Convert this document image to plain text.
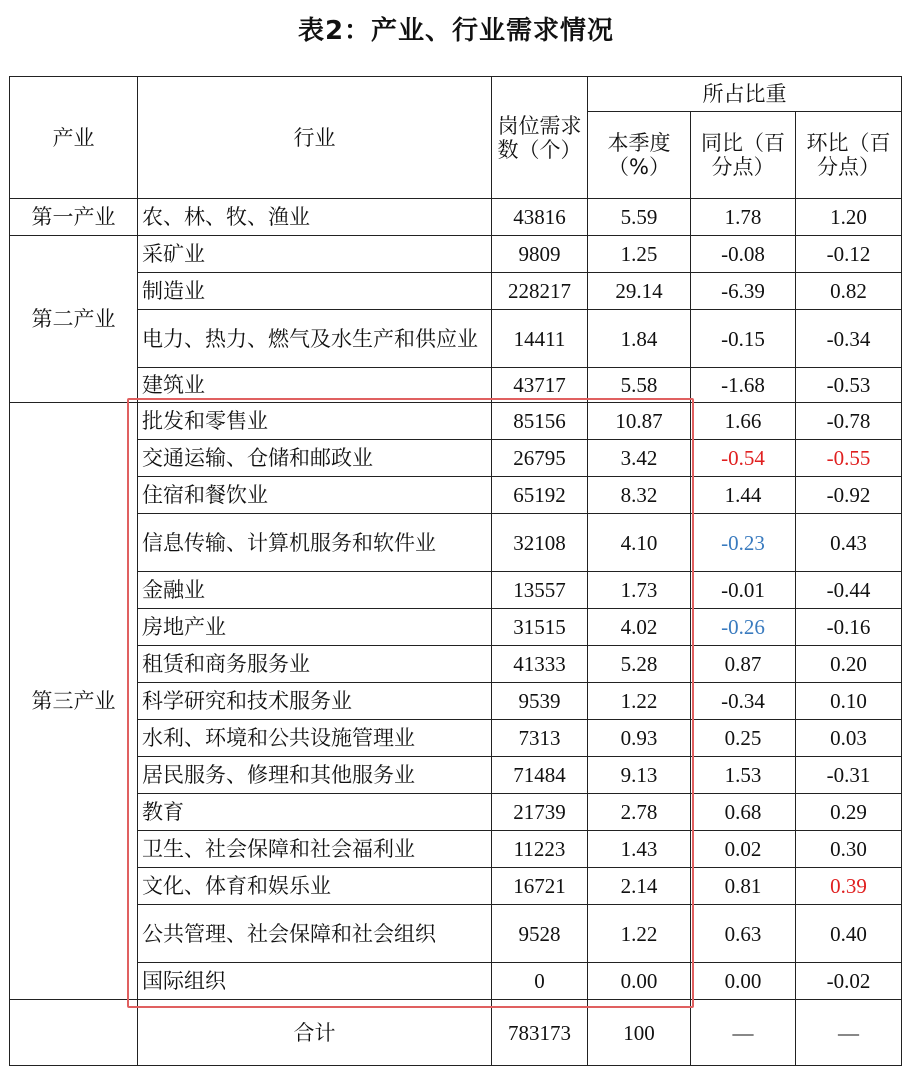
表2：产业、行业需求情况
产业	行业	岗位需求数（个）	所占比重		
			本季度（%）	同比（百分点）	环比（百分点）
第一产业	农、林、牧、渔业	43816	5.59	1.78	1.20
第二产业	采矿业	9809	1.25	-0.08	-0.12
	制造业	228217	29.14	-6.39	0.82
	电力、热力、燃气及水生产和供应业	14411	1.84	-0.15	-0.34
	建筑业	43717	5.58	-1.68	-0.53
第三产业	批发和零售业	85156	10.87	1.66	-0.78
	交通运输、仓储和邮政业	26795	3.42	-0.54	-0.55
	住宿和餐饮业	65192	8.32	1.44	-0.92
	信息传输、计算机服务和软件业	32108	4.10	-0.23	0.43
	金融业	13557	1.73	-0.01	-0.44
	房地产业	31515	4.02	-0.26	-0.16
	租赁和商务服务业	41333	5.28	0.87	0.20
	科学研究和技术服务业	9539	1.22	-0.34	0.10
	水利、环境和公共设施管理业	7313	0.93	0.25	0.03
	居民服务、修理和其他服务业	71484	9.13	1.53	-0.31
	教育	21739	2.78	0.68	0.29
	卫生、社会保障和社会福利业	11223	1.43	0.02	0.30
	文化、体育和娱乐业	16721	2.14	0.81	0.39
	公共管理、社会保障和社会组织	9528	1.22	0.63	0.40
	国际组织	0	0.00	0.00	-0.02
	合计	783173	100	—	—
